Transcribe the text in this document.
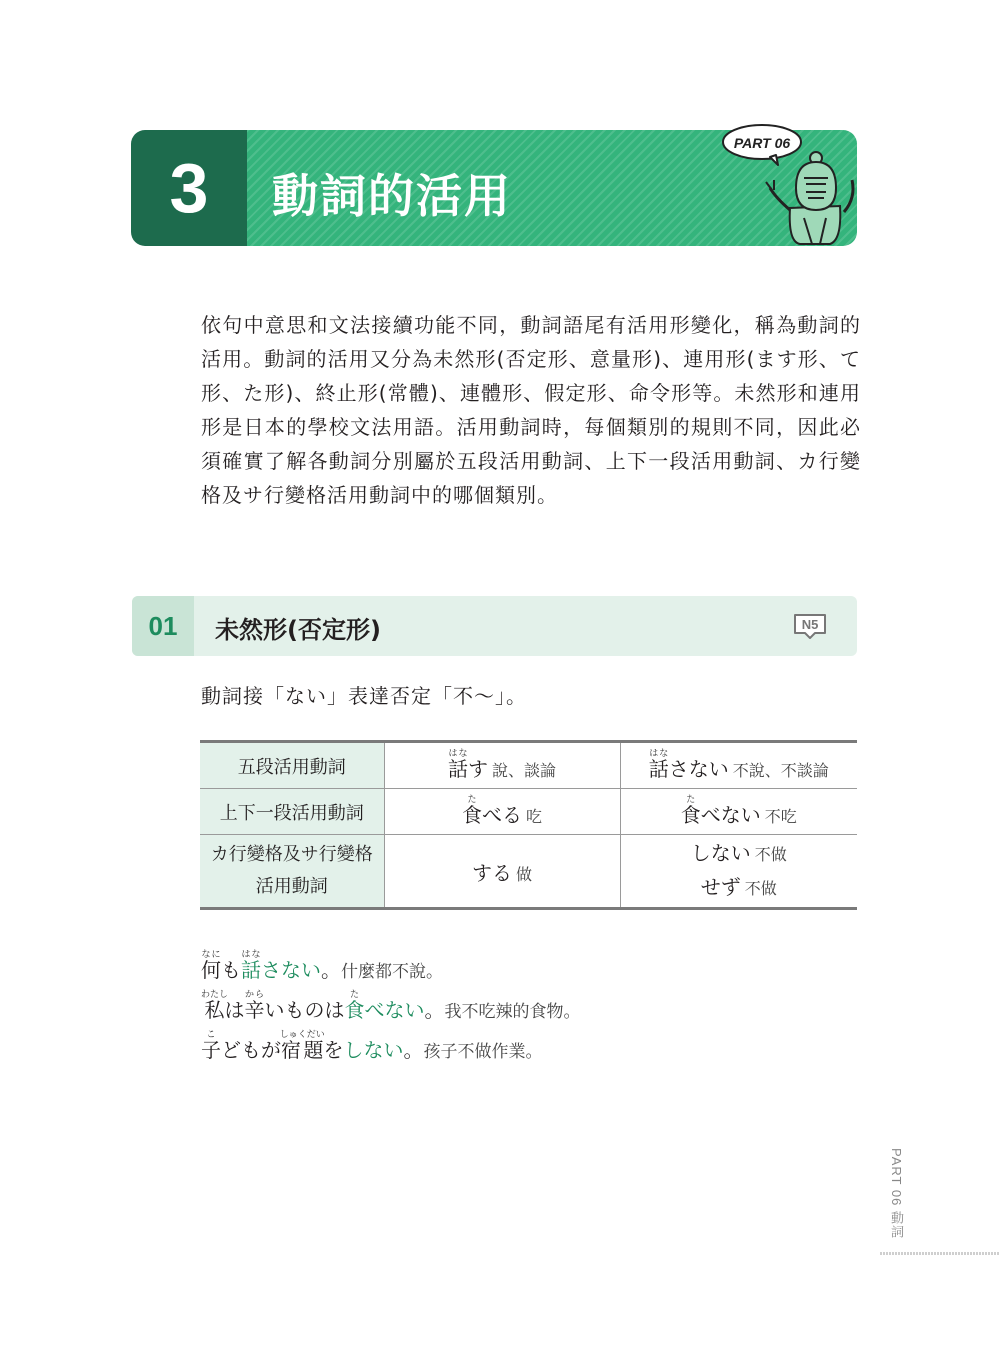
3 動詞的活用
PART 06
依句中意思和文法接續功能不同，動詞語尾有活用形變化，稱為動詞的活用。動詞的活用又分為未然形(否定形、意量形)、連用形(ます形、て形、た形)、終止形(常體)、連體形、假定形、命令形等。未然形和連用形是日本的學校文法用語。活用動詞時，每個類別的規則不同，因此必須確實了解各動詞分別屬於五段活用動詞、上下一段活用動詞、カ行變格及サ行變格活用動詞中的哪個類別。
01	未然形(否定形)	N5
動詞接「ない」表達否定「不～」。
五段活用動詞	話はなす 說、談論	話はなさない 不說、不談論
上下一段活用動詞	食たべる 吃	食たべない 不吃

カ行變格及サ行變格
活用動詞	する 做	しない 不做
せず 不做
何なにも話はなさない。什麼都不說。
私わたしは辛からいものは食たべない。我不吃辣的食物。
子こどもが宿題しゅくだいをしない。孩子不做作業。
PART 06 動詞
